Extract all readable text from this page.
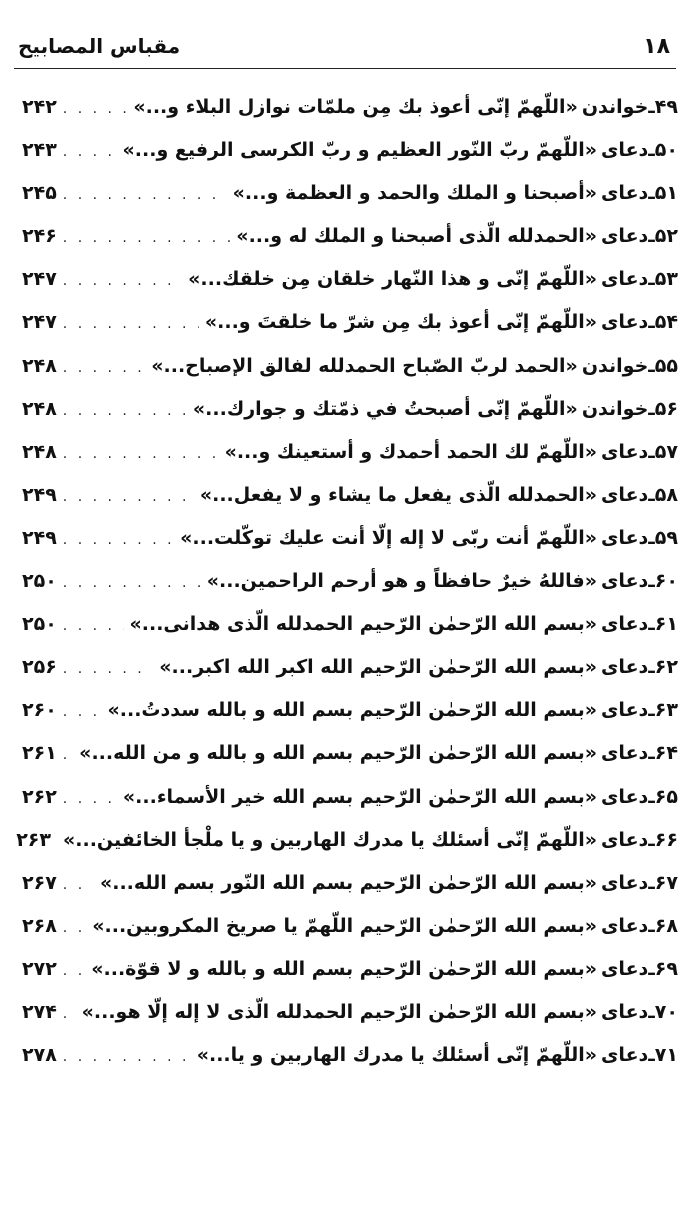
۱۸
مقباس المصابیح
۴۹ـ
خواندن
«اللّهمّ إنّی أعوذ بك مِن ملمّات نوازل البلاء و...»
. . .
۲۴۲
۵۰ـ
دعای
«اللّهمّ ربّ النّور العظیم و ربّ الکرسی الرفیع و...»
. . .
۲۴۳
۵۱ـ
دعای
«أصبحنا و الملك والحمد و العظمة و...»
. . .
۲۴۵
۵۲ـ
دعای
«الحمدلله الّذی أصبحنا و الملك له و...»
. . .
۲۴۶
۵۳ـ
دعای
«اللّهمّ إنّی و هذا النّهار خلقان مِن خلقك...»
. . .
۲۴۷
۵۴ـ
دعای
«اللّهمّ إنّی أعوذ بك مِن شرّ ما خلقتَ و...»
. . .
۲۴۷
۵۵ـ
خواندن
«الحمد لربّ الصّباح الحمدلله لفالق الإصباح...»
. . .
۲۴۸
۵۶ـ
خواندن
«اللّهمّ إنّی أصبحتُ في ذمّتك و جوارك...»
. . .
۲۴۸
۵۷ـ
دعای
«اللّهمّ لك الحمد أحمدك و أستعينك و...»
. . .
۲۴۸
۵۸ـ
دعای
«الحمدلله الّذی یفعل ما یشاء و لا یفعل...»
. . .
۲۴۹
۵۹ـ
دعای
«اللّهمّ أنت ربّی لا إله إلّا أنت علیك توکّلت...»
. . .
۲۴۹
۶۰ـ
دعای
«فاللهُ خیرٌ حافظاً و هو أرحم الراحمین...»
. . .
۲۵۰
۶۱ـ
دعای
«بسم الله الرّحمٰن الرّحیم الحمدلله الّذی هدانی...»
. . .
۲۵۰
۶۲ـ
دعای
«بسم الله الرّحمٰن الرّحیم الله اکبر الله اکبر...»
. . .
۲۵۶
۶۳ـ
دعای
«بسم الله الرّحمٰن الرّحیم بسم الله و بالله سددتُ...»
. . .
۲۶۰
۶۴ـ
دعای
«بسم الله الرّحمٰن الرّحیم بسم الله و بالله و من الله...»
. . .
۲۶۱
۶۵ـ
دعای
«بسم الله الرّحمٰن الرّحیم بسم الله خیر الأسماء...»
. . .
۲۶۲
۶۶ـ
دعای
«اللّهمّ إنّی أسئلك یا مدرك الهاربین و یا ملْجأ الخائفین...»
۲۶۳
۶۷ـ
دعای
«بسم الله الرّحمٰن الرّحیم بسم الله النّور بسم الله...»
. . .
۲۶۷
۶۸ـ
دعای
«بسم الله الرّحمٰن الرّحیم اللّهمّ یا صریخ المکروبین...»
. . .
۲۶۸
۶۹ـ
دعای
«بسم الله الرّحمٰن الرّحیم بسم الله و بالله و لا قوّة...»
. . .
۲۷۲
۷۰ـ
دعای
«بسم الله الرّحمٰن الرّحیم الحمدلله الّذی لا إله إلّا هو...»
. . .
۲۷۴
۷۱ـ
دعای
«اللّهمّ إنّی أسئلك یا مدرك الهاربین و یا...»
. . .
۲۷۸
